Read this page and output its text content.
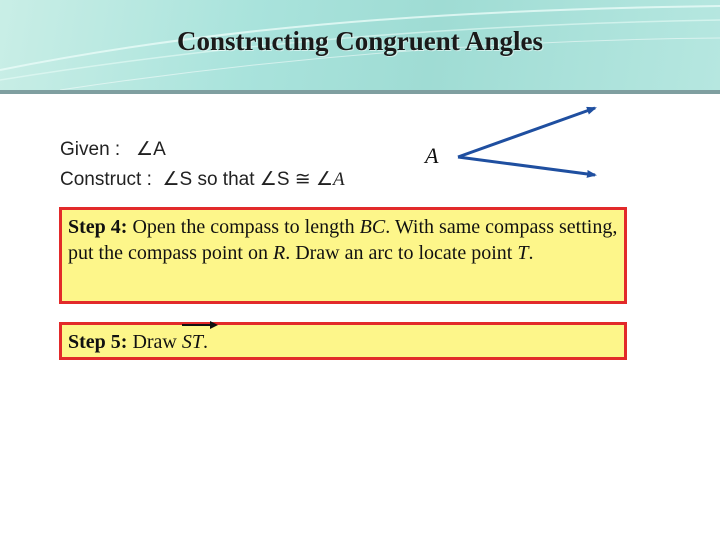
Constructing Congruent Angles
Given : ∠A
Construct : ∠S so that ∠S ≅ ∠A
A
Step 4: Open the compass to length BC. With same compass setting, put the compass point on R. Draw an arc to locate point T.
Step 5: Draw
ST.
